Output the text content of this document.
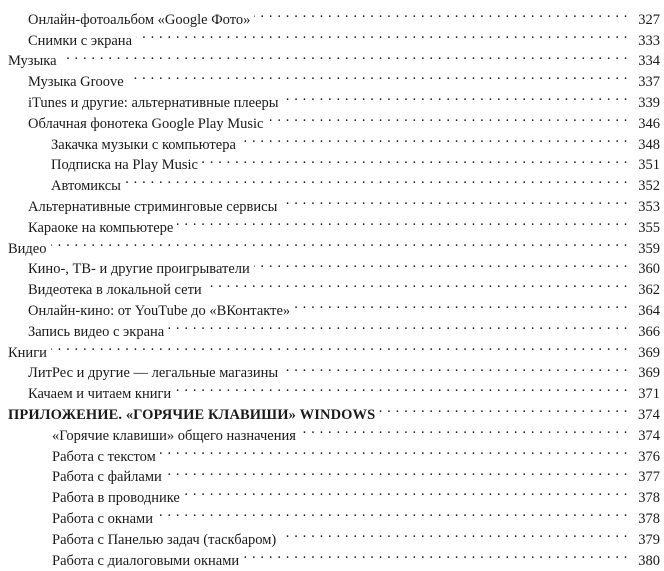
Онлайн-фотоальбом «Google Фото» . . .	327
Снимки с экрана . . .	333
Музыка . . .	334
Музыка Groove . . .	337
iTunes и другие: альтернативные плееры . . .	339
Облачная фонотека Google Play Music . . .	346
Закачка музыки с компьютера . . .	348
Подписка на Play Music . . .	351
Автомиксы . . .	352
Альтернативные стриминговые сервисы . . .	353
Караоке на компьютере . . .	355
Видео . . .	359
Кино-, ТВ- и другие проигрыватели . . .	360
Видеотека в локальной сети . . .	362
Онлайн-кино: от YouTube до «ВКонтакте» . . .	364
Запись видео с экрана . . .	366
Книги . . .	369
ЛитРес и другие — легальные магазины . . .	369
Качаем и читаем книги . . .	371
ПРИЛОЖЕНИЕ. «ГОРЯЧИЕ КЛАВИШИ» WINDOWS . . .	374
«Горячие клавиши» общего назначения . . .	374
Работа с текстом . . .	376
Работа с файлами . . .	377
Работа в проводнике . . .	378
Работа с окнами . . .	378
Работа с Панелью задач (таскбаром) . . .	379
Работа с диалоговыми окнами . . .	380
